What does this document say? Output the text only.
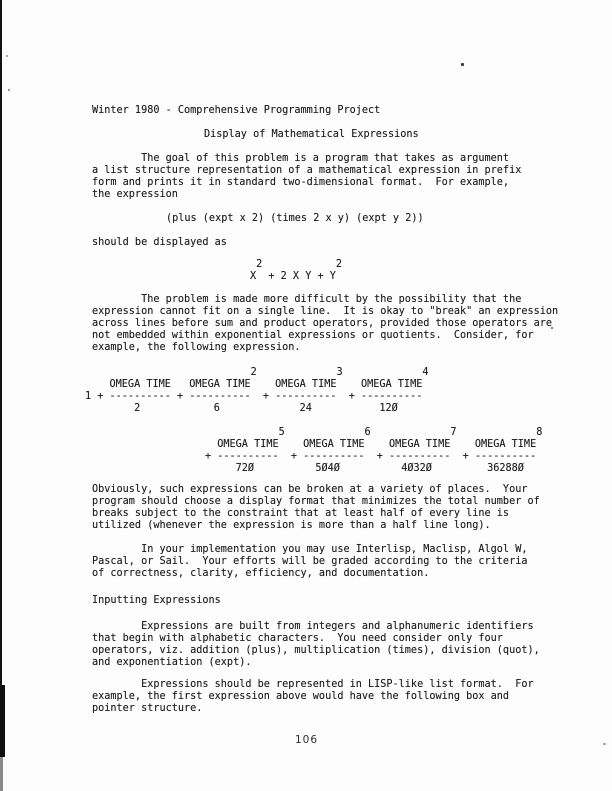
Winter 1980 - Comprehensive Programming Project
Display of Mathematical Expressions
The goal of this problem is a program that takes as argument
a list structure representation of a mathematical expression in prefix
form and prints it in standard two-dimensional format.  For example,
the expression
(plus (expt x 2) (times 2 x y) (expt y 2))
should be displayed as
2            2
X  + 2 X Y + Y
The problem is made more difficult by the possibility that the
expression cannot fit on a single line.  It is okay to "break" an expression
across lines before sum and product operators, provided those operators are
not embedded within exponential expressions or quotients.  Consider, for
example, the following expression.
2             3             4
OMEGA TIME   OMEGA TIME    OMEGA TIME    OMEGA TIME
1 + ---------- + ----------  + ----------  + ----------
2            6             24           12Ø
5             6             7             8
OMEGA TIME    OMEGA TIME    OMEGA TIME    OMEGA TIME
+ ----------  + ----------  + ----------  + ----------
72Ø          5Ø4Ø          4Ø32Ø         36288Ø
Obviously, such expressions can be broken at a variety of places.  Your
program should choose a display format that minimizes the total number of
breaks subject to the constraint that at least half of every line is
utilized (whenever the expression is more than a half line long).
In your implementation you may use Interlisp, Maclisp, Algol W,
Pascal, or Sail.  Your efforts will be graded according to the criteria
of correctness, clarity, efficiency, and documentation.
Inputting Expressions
Expressions are built from integers and alphanumeric identifiers
that begin with alphabetic characters.  You need consider only four
operators, viz. addition (plus), multiplication (times), division (quot),
and exponentiation (expt).
Expressions should be represented in LISP-like list format.  For
example, the first expression above would have the following box and
pointer structure.
106
